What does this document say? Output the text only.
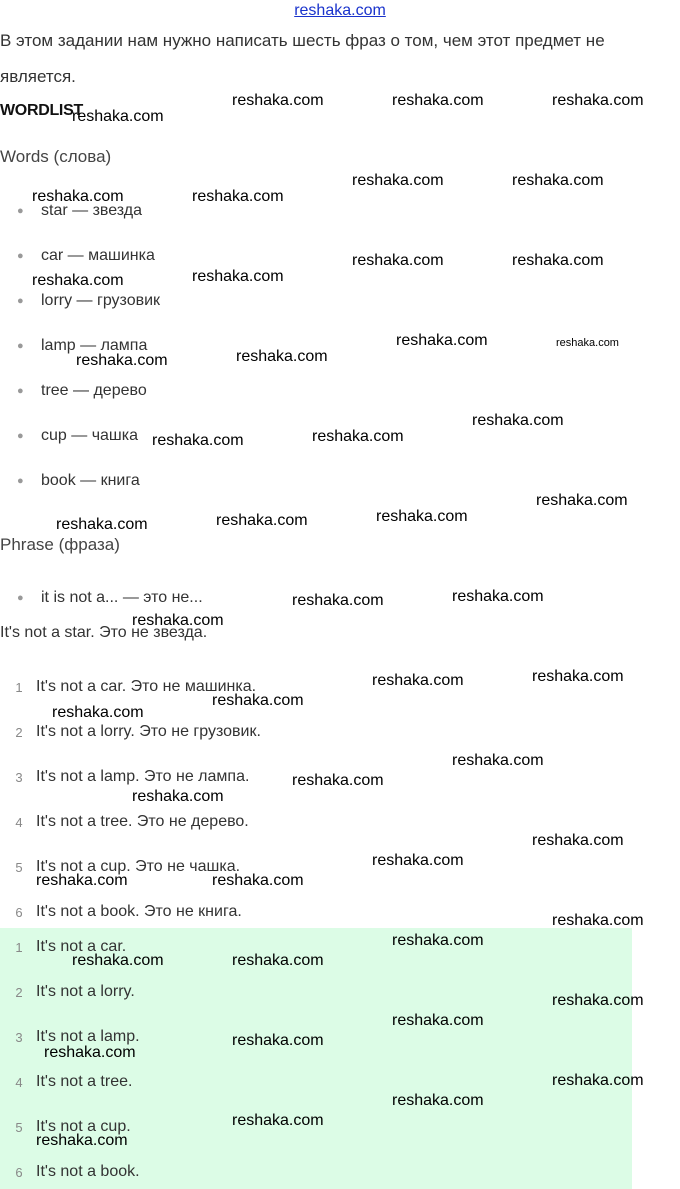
reshaka.com
В этом задании нам нужно написать шесть фраз о том, чем этот предмет не
является.
WORDLIST
Words (слова)
● star — звезда
● car — машинка
● lorry — грузовик
● lamp — лампа
● tree — дерево
● cup — чашка
● book — книга
Phrase (фраза)
● it is not a... — это не...
It's not a star. Это не звезда.
1 It's not a car. Это не машинка.
2 It's not a lorry. Это не грузовик.
3 It's not a lamp. Это не лампа.
4 It's not a tree. Это не дерево.
5 It's not a cup. Это не чашка.
6 It's not a book. Это не книга.
1 It's not a car.
2 It's not a lorry.
3 It's not a lamp.
4 It's not a tree.
5 It's not a cup.
6 It's not a book.
reshaka.com
reshaka.com	reshaka.com	reshaka.com
reshaka.com	reshaka.com
reshaka.com	reshaka.com
reshaka.com	reshaka.com
reshaka.com	reshaka.com
reshaka.com	reshaka.com
reshaka.com	reshaka.com
reshaka.com	reshaka.com
reshaka.com
reshaka.com	reshaka.com	reshaka.com
reshaka.com
reshaka.com
reshaka.com	reshaka.com
reshaka.com
reshaka.com
reshaka.com	reshaka.com
reshaka.com
reshaka.com
reshaka.com
reshaka.com	reshaka.com
reshaka.com
reshaka.com
reshaka.com	reshaka.com
reshaka.com
reshaka.com
reshaka.com
reshaka.com
reshaka.com
reshaka.com
reshaka.com
reshaka.com
reshaka.com
reshaka.com
